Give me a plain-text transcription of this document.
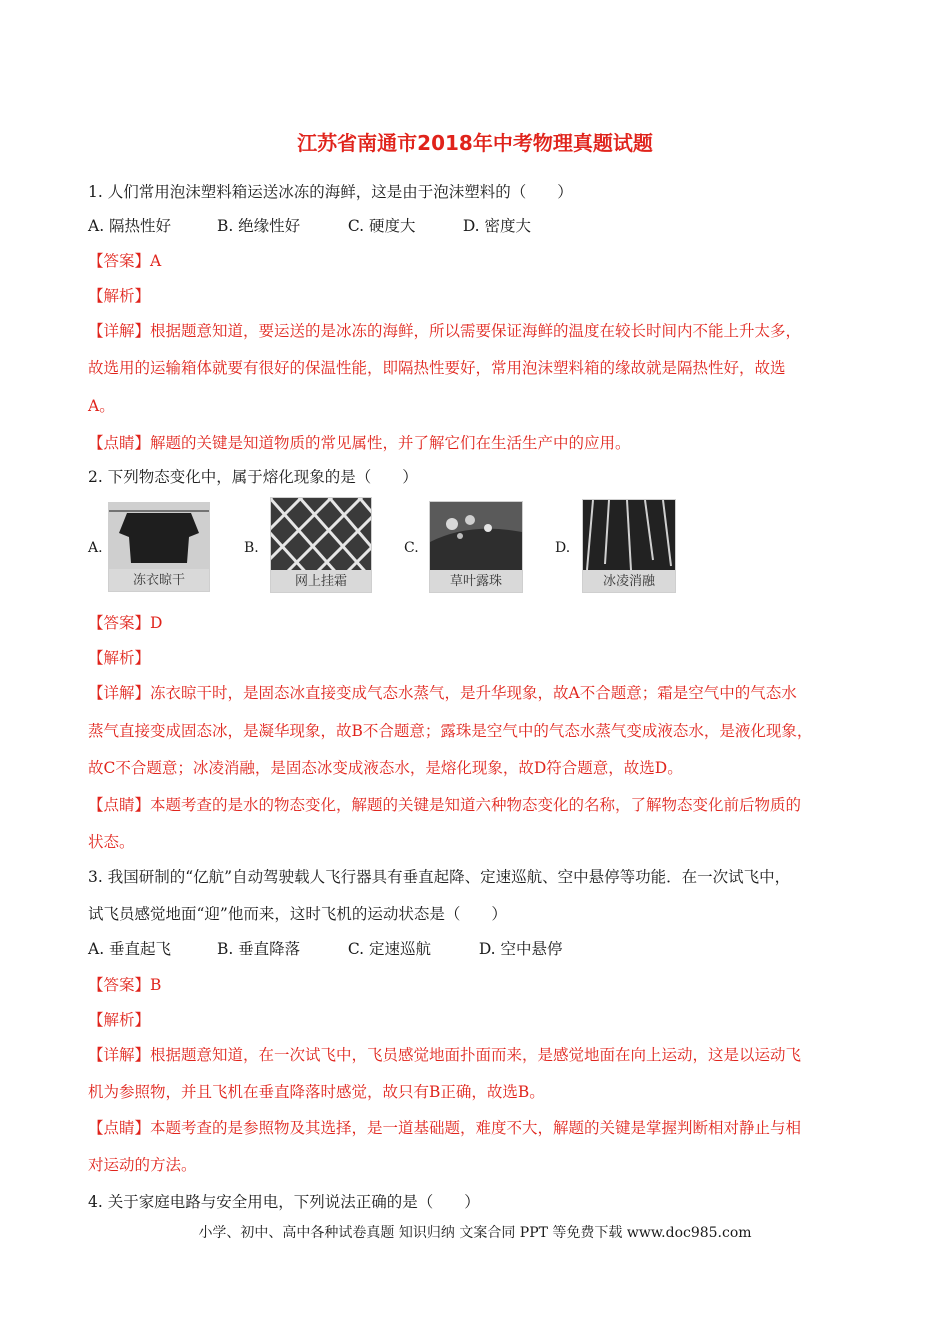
江苏省南通市2018年中考物理真题试题
1. 人们常用泡沫塑料箱运送冰冻的海鲜，这是由于泡沫塑料的（　　）
A. 隔热性好	B. 绝缘性好	C. 硬度大	D. 密度大
【答案】A
【解析】
【详解】根据题意知道，要运送的是冰冻的海鲜，所以需要保证海鲜的温度在较长时间内不能上升太多，
故选用的运输箱体就要有很好的保温性能，即隔热性要好，常用泡沫塑料箱的缘故就是隔热性好，故选
A。
【点睛】解题的关键是知道物质的常见属性，并了解它们在生活生产中的应用。
2. 下列物态变化中，属于熔化现象的是（　　）
A.
冻衣晾干
B.
网上挂霜
C.
草叶露珠
D.
冰凌消融
【答案】D
【解析】
【详解】冻衣晾干时，是固态冰直接变成气态水蒸气，是升华现象，故A不合题意；霜是空气中的气态水
蒸气直接变成固态冰，是凝华现象，故B不合题意；露珠是空气中的气态水蒸气变成液态水，是液化现象，
故C不合题意；冰凌消融，是固态冰变成液态水，是熔化现象，故D符合题意，故选D。
【点睛】本题考查的是水的物态变化，解题的关键是知道六种物态变化的名称，了解物态变化前后物质的
状态。
3. 我国研制的“亿航”自动驾驶载人飞行器具有垂直起降、定速巡航、空中悬停等功能．在一次试飞中，
试飞员感觉地面“迎”他而来，这时飞机的运动状态是（　　）
A. 垂直起飞	B. 垂直降落	C. 定速巡航	D. 空中悬停
【答案】B
【解析】
【详解】根据题意知道，在一次试飞中，飞员感觉地面扑面而来，是感觉地面在向上运动，这是以运动飞
机为参照物，并且飞机在垂直降落时感觉，故只有B正确，故选B。
【点睛】本题考查的是参照物及其选择，是一道基础题，难度不大，解题的关键是掌握判断相对静止与相
对运动的方法。
4. 关于家庭电路与安全用电，下列说法正确的是（　　）
小学、初中、高中各种试卷真题 知识归纳 文案合同 PPT 等免费下载 www.doc985.com
